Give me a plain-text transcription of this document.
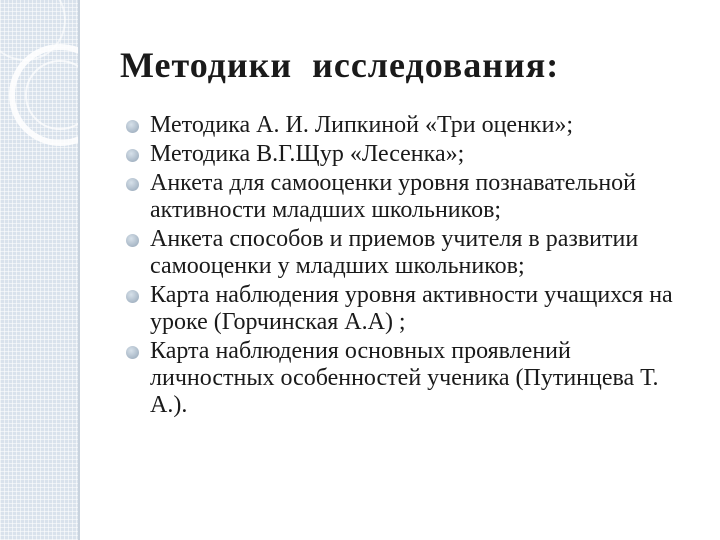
Методики исследования:
Методика А. И. Липкиной «Три оценки»;
Методика В.Г.Щур «Лесенка»;
Анкета для самооценки уровня познавательной активности младших школьников;
Анкета способов и приемов учителя в развитии самооценки у младших школьников;
Карта наблюдения уровня активности учащихся на уроке (Горчинская А.А) ;
Карта наблюдения основных проявлений личностных особенностей ученика (Путинцева Т. А.).
